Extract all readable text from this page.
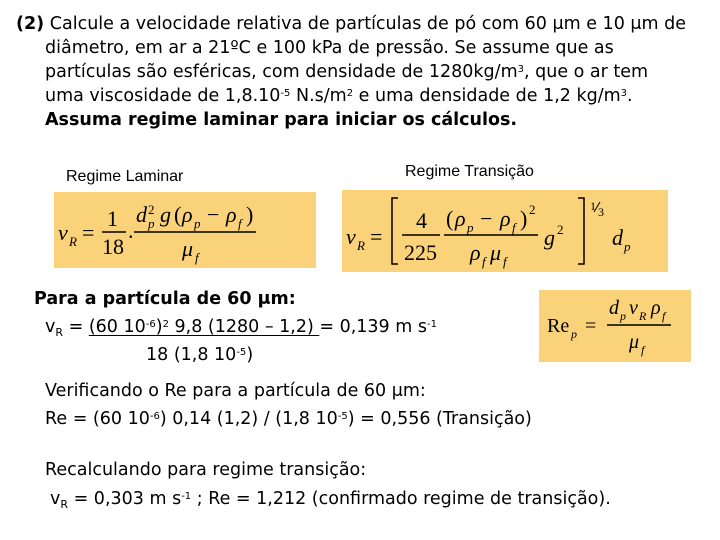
(2) Calcule a velocidade relativa de partículas de pó com 60 μm e 10 μm de
diâmetro, em ar a 21ºC e 100 kPa de pressão. Se assume que as
partículas são esféricas, com densidade de $1280kg/m^3$, que o ar tem
uma viscosidade de $1,8.10^{-5}$ $N.s/m^2$ e uma densidade de 1,2 $kg/m^3$.
Assuma regime laminar para iniciar os cálculos.
Regime Laminar	Regime Transição
v R =
1
18
.
d 2
p g ( ρ p − ρ f )
μ f
v R =
4
225
( ρ p − ρ f ) 2
ρ f μ f
g 2
1 3
d p
Re p =
d p v R ρ f
μ f
Para a partícula de 60 μm:
$v_R = (60$ $10^{-6})^2$ 9,8 (1280 – 1,2) = 0,139 m $s^{-1}$
18 (1,8 $10^{-5}$)
Verificando o Re para a partícula de 60 μm:
Re = (60 $10^{-6}$) 0,14 (1,2) / (1,8 $10^{-5}) = 0,556$ (Transição)
Recalculando para regime transição:
$v_R = 0,303$ m $s^{-1}$ ; Re = 1,212 (confirmado regime de transição).
